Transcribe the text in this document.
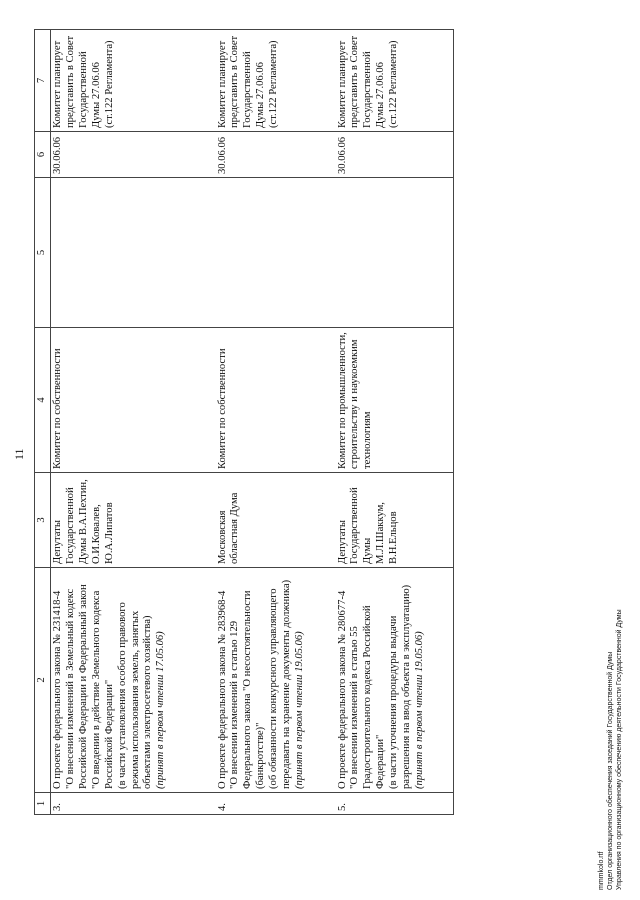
11
1	2	3	4	5	6	7
3.	О проекте федерального закона № 231418-4 "О внесении изменений в Земельный кодекс Российской Федерации и Федеральный закон "О введении в действие Земельного кодекса Российской Федерации" (в части установления особого правового режима использования земель, занятых объектами электросетевого хозяйства) (принят в первом чтении 17.05.06)	Депутаты Государственной Думы В.А.Пехтин, О.И.Ковалев, Ю.А.Липатов	Комитет по собственности		30.06.06	Комитет планирует представить в Совет Государственной Думы 27.06.06 (ст.122 Регламента)
4.	О проекте федерального закона № 283968-4 "О внесении изменений в статью 129 Федерального закона "О несостоятельности (банкротстве)" (об обязанности конкурсного управляющего передавать на хранение документы должника) (принят в первом чтении 19.05.06)	Московская областная Дума	Комитет по собственности		30.06.06	Комитет планирует представить в Совет Государственной Думы 27.06.06 (ст.122 Регламента)
5.	О проекте федерального закона № 280677-4 "О внесении изменений в статью 55 Градостроительного кодекса Российской Федерации" (в части уточнения процедуры выдачи разрешения на ввод объекта в эксплуатацию) (принят в первом чтении 19.05.06)	Депутаты Государственной Думы М.Л.Шаккум, В.Н.Ельцов	Комитет по промышленности, строительству и наукоемким технологиям		30.06.06	Комитет планирует представить в Совет Государственной Думы 27.06.06 (ст.122 Регламента)
mmmkolo.rtf Отдел организационного обеспечения заседаний Государственной Думы Управления по организационному обеспечению деятельности Государственной Думы
